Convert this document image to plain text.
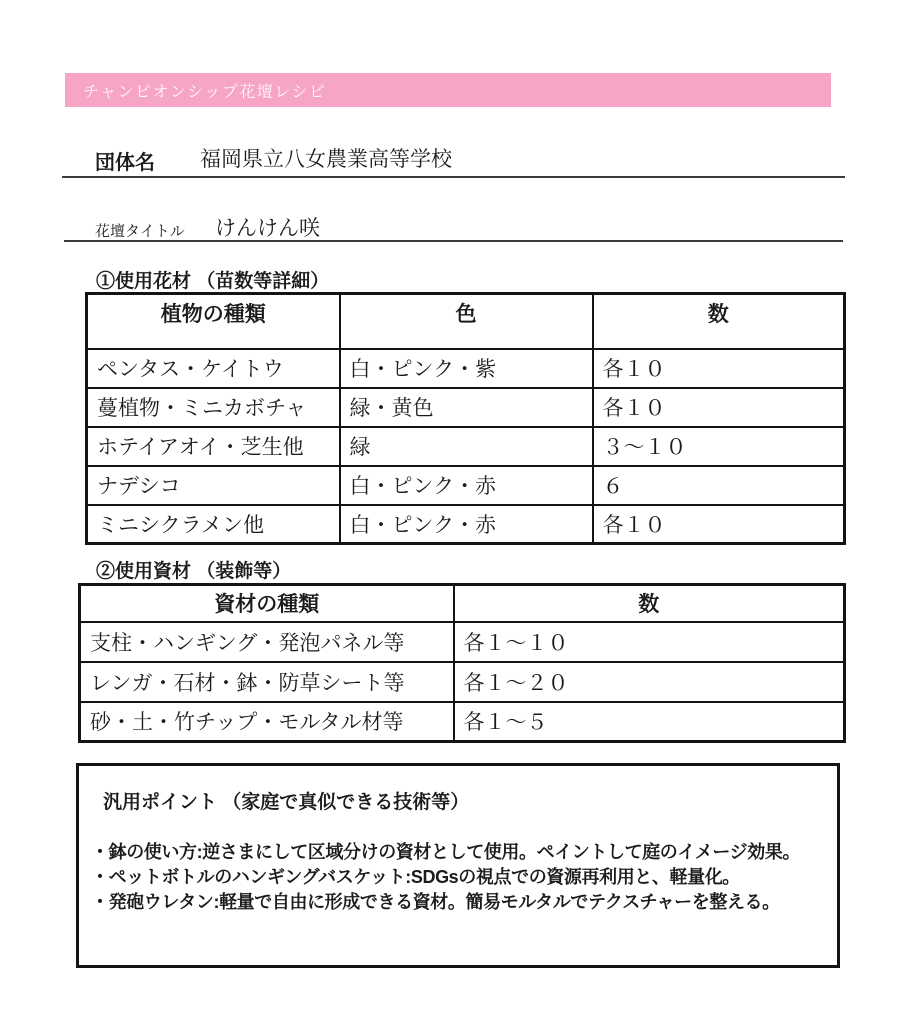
チャンピオンシップ花壇レシピ
団体名 福岡県立八女農業高等学校
花壇タイトル けんけん咲
①使用花材 （苗数等詳細）
植物の種類	色	数
ペンタス・ケイトウ	白・ピンク・紫	各１０
蔓植物・ミニカボチャ	緑・黄色	各１０
ホテイアオイ・芝生他	緑	３～１０
ナデシコ	白・ピンク・赤	６
ミニシクラメン他	白・ピンク・赤	各１０
②使用資材 （装飾等）
資材の種類	数
支柱・ハンギング・発泡パネル等	各１～１０
レンガ・石材・鉢・防草シート等	各１～２０
砂・土・竹チップ・モルタル材等	各１～５
汎用ポイント （家庭で真似できる技術等）
・鉢の使い方:逆さまにして区域分けの資材として使用。ペイントして庭のイメージ効果。
・ペットボトルのハンギングバスケット:SDGsの視点での資源再利用と、軽量化。
・発砲ウレタン:軽量で自由に形成できる資材。簡易モルタルでテクスチャーを整える。
